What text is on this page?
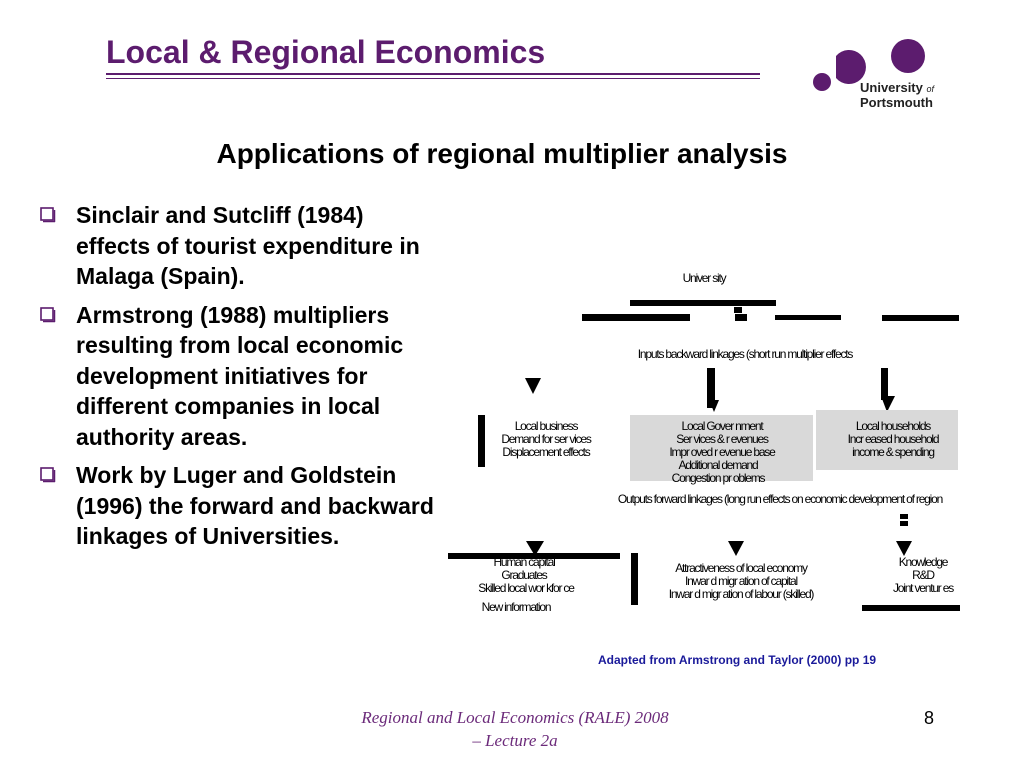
Local & Regional Economics
University of
Portsmouth
Applications of regional multiplier analysis
Sinclair and Sutcliff (1984) effects of tourist expenditure in Malaga (Spain).
Armstrong (1988) multipliers resulting from local economic development initiatives for different companies in local authority areas.
Work by Luger and Goldstein (1996) the forward and backward linkages of Universities.
Univer sity
Inputs backward linkages (short run multiplier effects
Local business
Demand for ser vices
Displacement effects
Local Gover nment
Ser vices & r evenues
Impr oved r evenue base
Additional demand
Congestion pr oblems
Local households
Incr eased household
income & spending
Outputs forward linkages (long run effects on economic development of region
Human capital
Graduates
Skilled local wor kfor ce
New information
Attractiveness of local economy
Inwar d migr ation of capital
Inwar d migr ation of labour (skilled)
Knowledge
R&D
Joint ventur es
Adapted from Armstrong and Taylor (2000) pp 19
Regional and Local Economics (RALE) 2008
– Lecture 2a
8
